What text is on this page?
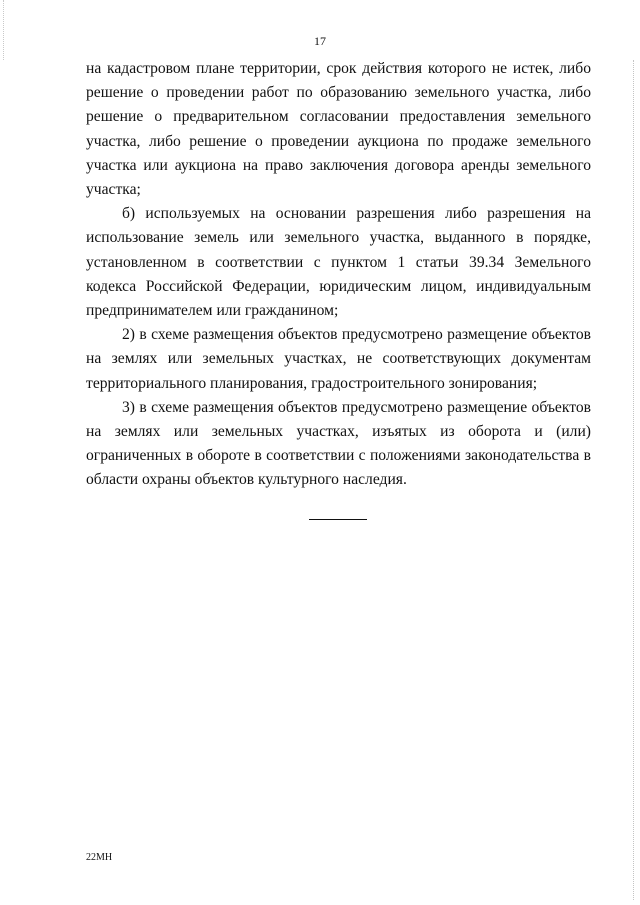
17

на кадастровом плане территории, срок действия которого не истек, либо решение о проведении работ по образованию земельного участка, либо решение о предварительном согласовании предоставления земельного участка, либо решение о проведении аукциона по продаже земельного участка или аукциона на право заключения договора аренды земельного участка;

б) используемых на основании разрешения либо разрешения на использование земель или земельного участка, выданного в порядке, установленном в соответствии с пунктом 1 статьи 39.34 Земельного кодекса Российской Федерации, юридическим лицом, индивидуальным предпринимателем или гражданином;

2) в схеме размещения объектов предусмотрено размещение объектов на землях или земельных участках, не соответствующих документам территориального планирования, градостроительного зонирования;

3) в схеме размещения объектов предусмотрено размещение объектов на землях или земельных участках, изъятых из оборота и (или) ограниченных в обороте в соответствии с положениями законодательства в области охраны объектов культурного наследия.

22МН
